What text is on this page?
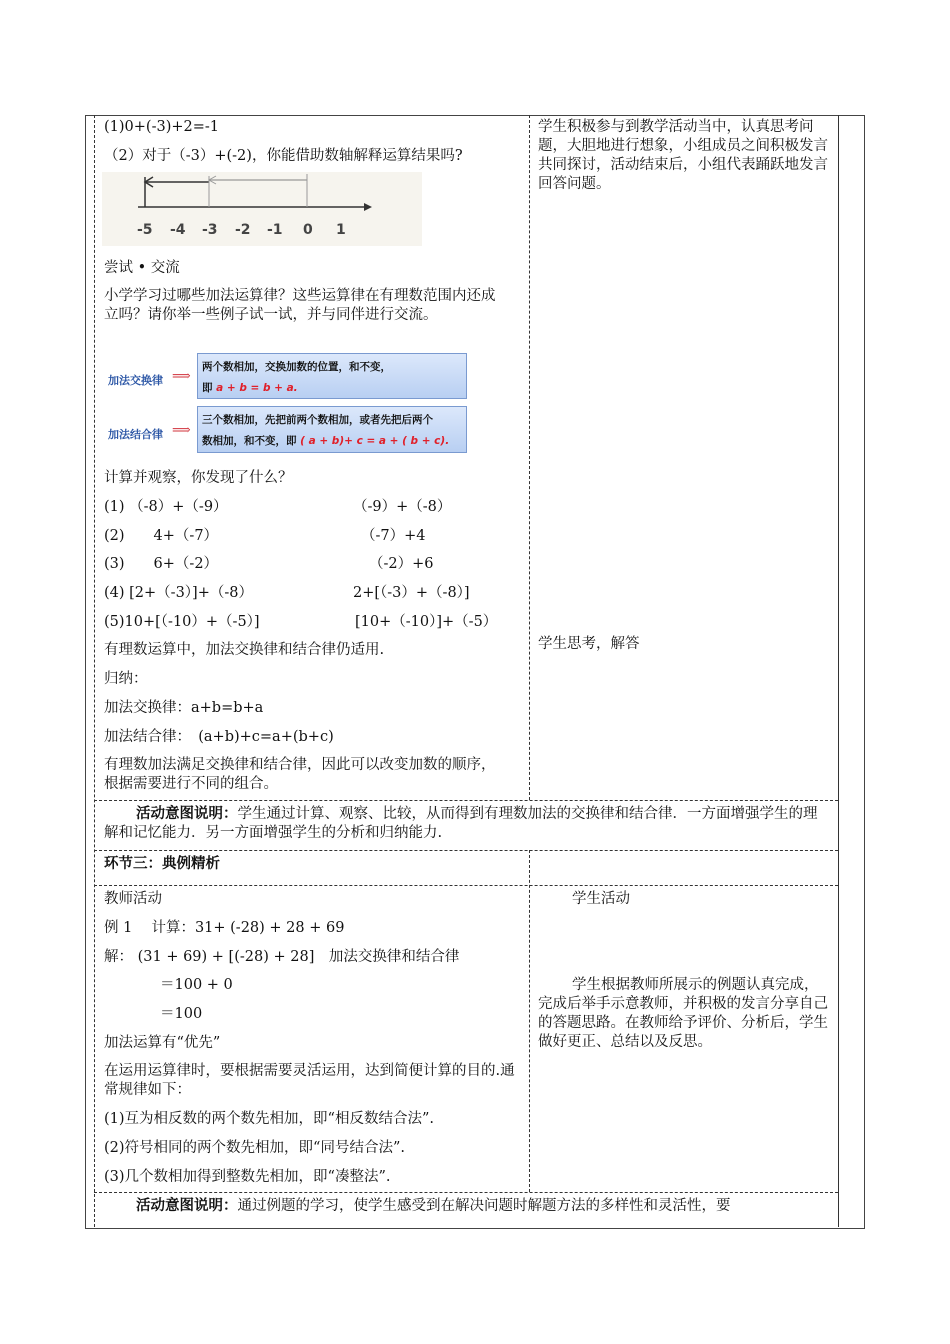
(1)0+(-3)+2=-1
（2）对于（-3）+(-2)，你能借助数轴解释运算结果吗?
-5 -4 -3 -2 -1 0 1
尝试 • 交流
小学学习过哪些加法运算律？这些运算律在有理数范围内还成立吗？请你举一些例子试一试，并与同伴进行交流。
加法交换律 ⟹
两个数相加，交换加数的位置，和不变，
即 a + b = b + a.
加法结合律 ⟹
三个数相加，先把前两个数相加，或者先把后两个
数相加，和不变，即 ( a + b)+ c = a + ( b + c).
计算并观察，你发现了什么？
(1) （-8）+（-9）	（-9）+（-8）
(2)　　4+（-7）	（-7）+4
(3)　　6+（-2）	（-2）+6
(4) [2+（-3）]+（-8）	2+[（-3）+（-8）]
(5)10+[（-10）+（-5）]	[10+（-10）]+（-5）
有理数运算中，加法交换律和结合律仍适用.
归纳：
加法交换律：a+b=b+a
加法结合律：　(a+b)+c=a+(b+c)
有理数加法满足交换律和结合律，因此可以改变加数的顺序，根据需要进行不同的组合。
学生积极参与到教学活动当中，认真思考问题，大胆地进行想象，小组成员之间积极发言共同探讨，活动结束后，小组代表踊跃地发言回答问题。
学生思考，解答
活动意图说明：学生通过计算、观察、比较，从而得到有理数加法的交换律和结合律．一方面增强学生的理解和记忆能力．另一方面增强学生的分析和归纳能力.
环节三：典例精析
教师活动
例 1　 计算：31+ (-28) + 28 + 69
解： (31 + 69) + [(-28) + 28]　加法交换律和结合律
＝100 + 0
＝100
加法运算有“优先”
在运用运算律时，要根据需要灵活运用，达到简便计算的目的.通常规律如下：
(1)互为相反数的两个数先相加，即“相反数结合法”.
(2)符号相同的两个数先相加，即“同号结合法”.
(3)几个数相加得到整数先相加，即“凑整法”.
学生活动
学生根据教师所展示的例题认真完成，完成后举手示意教师，并积极的发言分享自己的答题思路。在教师给予评价、分析后，学生做好更正、总结以及反思。
活动意图说明：通过例题的学习，使学生感受到在解决问题时解题方法的多样性和灵活性，要
